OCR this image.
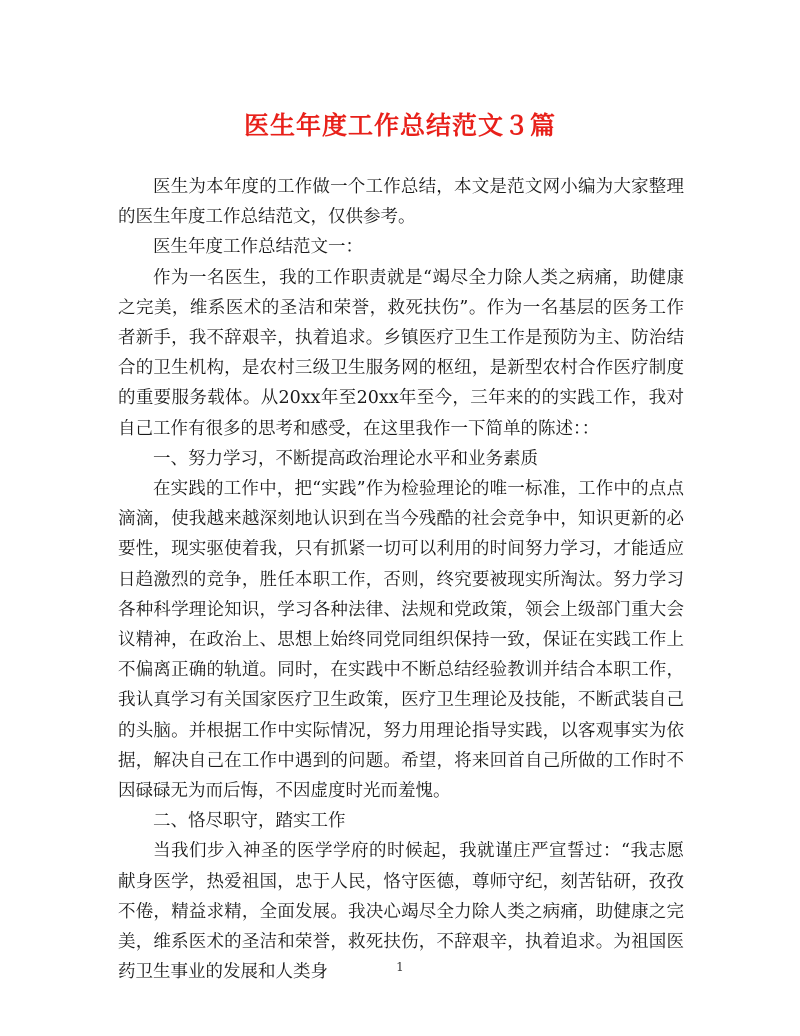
医生年度工作总结范文３篇

医生为本年度的工作做一个工作总结，本文是范文网小编为大家整理的医生年度工作总结范文，仅供参考。

医生年度工作总结范文一：

作为一名医生，我的工作职责就是“竭尽全力除人类之病痛，助健康之完美，维系医术的圣洁和荣誉，救死扶伤”。作为一名基层的医务工作者新手，我不辞艰辛，执着追求。乡镇医疗卫生工作是预防为主、防治结合的卫生机构，是农村三级卫生服务网的枢纽，是新型农村合作医疗制度的重要服务载体。从20xx年至20xx年至今，三年来的的实践工作，我对自己工作有很多的思考和感受，在这里我作一下简单的陈述：：

一、努力学习，不断提高政治理论水平和业务素质

在实践的工作中，把“实践”作为检验理论的唯一标准，工作中的点点滴滴，使我越来越深刻地认识到在当今残酷的社会竞争中，知识更新的必要性，现实驱使着我，只有抓紧一切可以利用的时间努力学习，才能适应日趋激烈的竞争，胜任本职工作，否则，终究要被现实所淘汰。努力学习各种科学理论知识，学习各种法律、法规和党政策，领会上级部门重大会议精神，在政治上、思想上始终同党同组织保持一致，保证在实践工作上不偏离正确的轨道。同时，在实践中不断总结经验教训并结合本职工作，我认真学习有关国家医疗卫生政策，医疗卫生理论及技能，不断武装自己的头脑。并根据工作中实际情况，努力用理论指导实践，以客观事实为依据，解决自己在工作中遇到的问题。希望，将来回首自己所做的工作时不因碌碌无为而后悔，不因虚度时光而羞愧。

二、恪尽职守，踏实工作

当我们步入神圣的医学学府的时候起，我就谨庄严宣誓过：“我志愿献身医学，热爱祖国，忠于人民，恪守医德，尊师守纪，刻苦钻研，孜孜不倦，精益求精，全面发展。我决心竭尽全力除人类之病痛，助健康之完美，维系医术的圣洁和荣誉，救死扶伤，不辞艰辛，执着追求。为祖国医药卫生事业的发展和人类身	1
